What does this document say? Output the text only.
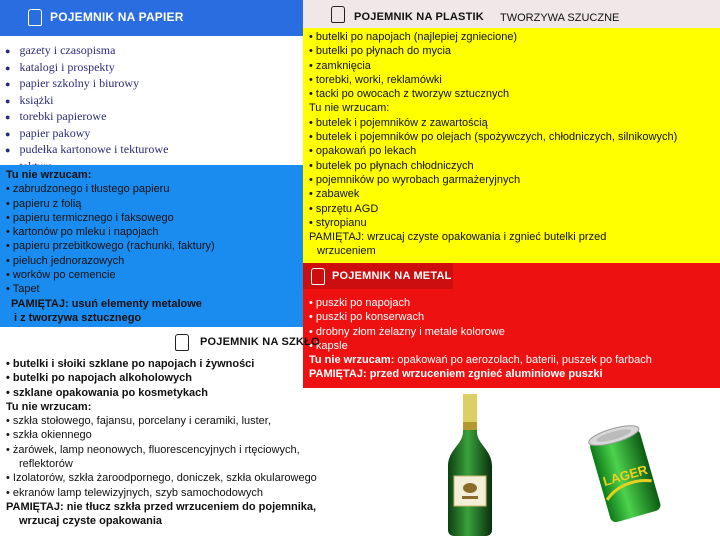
POJEMNIK NA PAPIER
● gazety i czasopisma
● katalogi i prospekty
● papier szkolny i biurowy
● książki
● torebki papierowe
● papier pakowy
● pudełka kartonowe i tekturowe
●

Tu nie wrzucam:

• zabrudzonego i tłustego papieru

• papieru z folią

• papieru termicznego i faksowego

• kartonów po mleku i napojach

• papieru przebitkowego (rachunki, faktury)

• pieluch jednorazowych

• worków po cemencie

• Tapet

PAMIĘTAJ: usuń elementy metalowe

i z tworzywa sztucznego

POJEMNIK NA PLASTIK TWORZYWA SZUCZNE

• butelki po napojach (najlepiej zgniecione)

• butelki po płynach do mycia

• zamknięcia

• torebki, worki, reklamówki

• tacki po owocach z tworzyw sztucznych

Tu nie wrzucam:

• butelek i pojemników z zawartością

• butelek i pojemników po olejach (spożywczych, chłodniczych, silnikowych)

• opakowań po lekach

• butelek po płynach chłodniczych

• pojemników po wyrobach garmażeryjnych

• zabawek

• sprzętu AGD

• styropianu

PAMIĘTAJ: wrzucaj czyste opakowania i zgnieć butelki przed

wrzuceniem

POJEMNIK NA METAL

• puszki po napojach

• puszki po konserwach

• drobny złom żelazny i metale kolorowe

• kapsle

Tu nie wrzucam: opakowań po aerozolach, baterii, puszek po farbach

PAMIĘTAJ: przed wrzuceniem zgnieć aluminiowe puszki

POJEMNIK NA SZKŁO

• butelki i słoiki szklane po napojach i żywności

• butelki po napojach alkoholowych

• szklane opakowania po kosmetykach

Tu nie wrzucam:

• szkła stołowego, fajansu, porcelany i ceramiki, luster,

• szkła okiennego

• żarówek, lamp neonowych, fluorescencyjnych i rtęciowych,

reflektorów

• Izolatorów, szkła żaroodpornego, doniczek, szkła okularowego

• ekranów lamp telewizyjnych, szyb samochodowych

PAMIĘTAJ: nie tłucz szkła przed wrzuceniem do pojemnika,

wrzucaj czyste opakowania

LAGER
